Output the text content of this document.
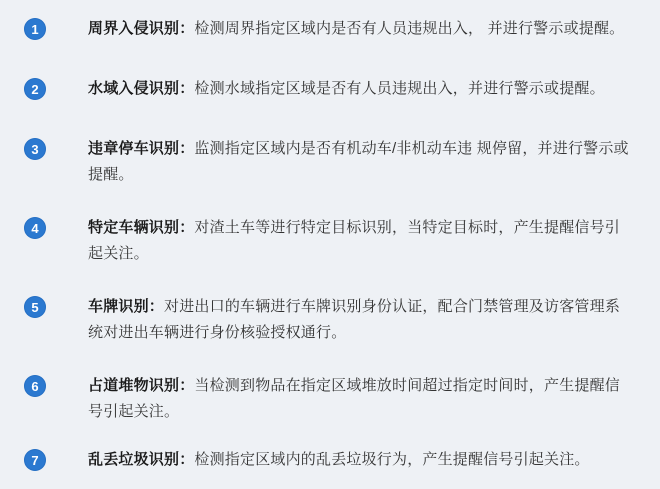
1	周界入侵识别：检测周界指定区域内是否有人员违规出入， 并进行警示或提醒。

2	水域入侵识别：检测水域指定区域是否有人员违规出入，并进行警示或提醒。

3	违章停车识别：监测指定区域内是否有机动车/非机动车违 规停留，并进行警示或提醒。

4	特定车辆识别：对渣土车等进行特定目标识别，当特定目标时，产生提醒信号引起关注。

5	车牌识别：对进出口的车辆进行车牌识别身份认证，配合门禁管理及访客管理系统对进出车辆进行身份核验授权通行。

6	占道堆物识别：当检测到物品在指定区域堆放时间超过指定时间时，产生提醒信号引起关注。

7	乱丢垃圾识别：检测指定区域内的乱丢垃圾行为，产生提醒信号引起关注。
